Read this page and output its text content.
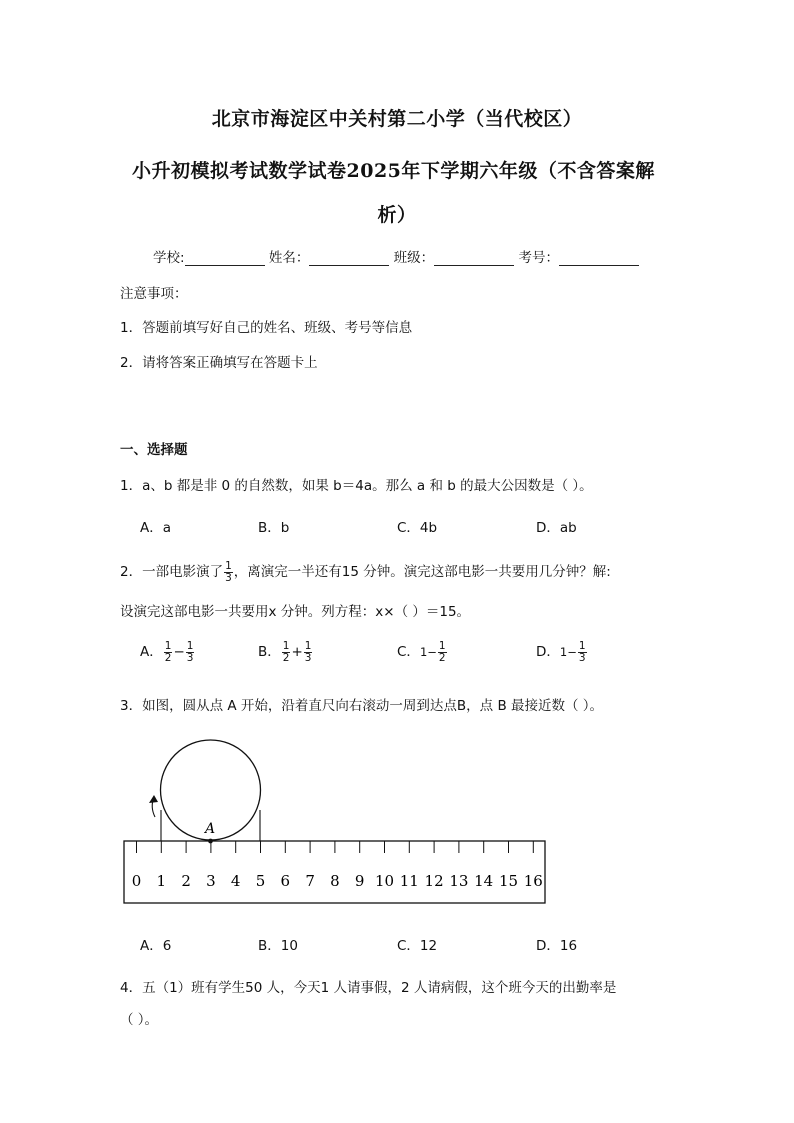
北京市海淀区中关村第二小学（当代校区）
小升初模拟考试数学试卷2025年下学期六年级（不含答案解
析）
学校:	姓名：	班级：	考号：
注意事项：
1．答题前填写好自己的姓名、班级、考号等信息
2．请将答案正确填写在答题卡上
一、选择题
1．a、b 都是非 0 的自然数，如果 b＝4a。那么 a 和 b 的最大公因数是（ ）。
A．a	B．b	C．4b	D．ab
2．一部电影演了 $\frac{1}{3}$ ，离演完一半还有15 分钟。演完这部电影一共要用几分钟？解:
设演完这部电影一共要用x 分钟。列方程：x×（ ）＝15。
A． $\frac{1}{2} - \frac{1}{3}$	B． $\frac{1}{2} + \frac{1}{3}$	C．$1- \frac{1}{2}$	D．$1- \frac{1}{3}$
3．如图，圆从点 A 开始，沿着直尺向右滚动一周到达点B，点 B 最接近数（ ）。
A
0 1 2 3 4 5 6 7 8 9 10 11 12 13 14 15 16
A．6	B．10	C．12	D．16
4．五（1）班有学生50 人，今天1 人请事假，2 人请病假，这个班今天的出勤率是
（ ）。
